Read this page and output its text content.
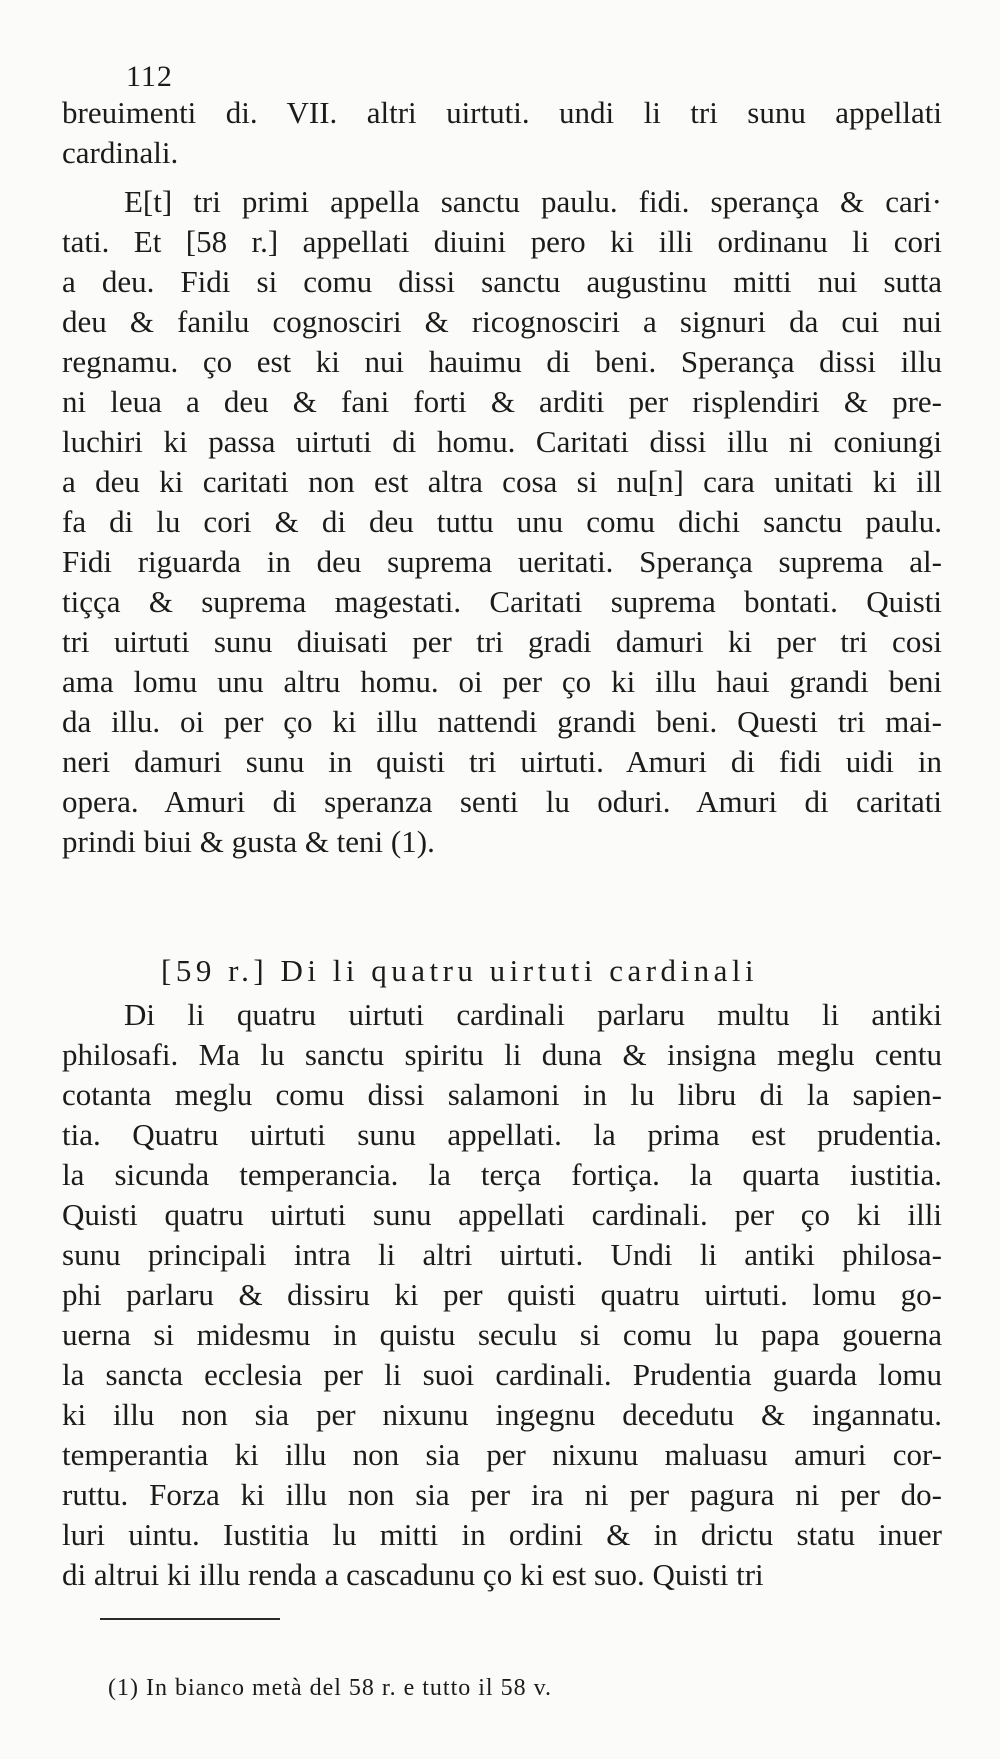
112
breuimenti di. VII. altri uirtuti. undi li tri sunu appellati
cardinali.
E[t] tri primi appella sanctu paulu. fidi. sperança & cari·
tati. Et [58 r.] appellati diuini pero ki illi ordinanu li cori
a deu. Fidi si comu dissi sanctu augustinu mitti nui sutta
deu & fanilu cognosciri & ricognosciri a signuri da cui nui
regnamu. ço est ki nui hauimu di beni. Sperança dissi illu
ni leua a deu & fani forti & arditi per risplendiri & pre-
luchiri ki passa uirtuti di homu. Caritati dissi illu ni coniungi
a deu ki caritati non est altra cosa si nu[n] cara unitati ki ill
fa di lu cori & di deu tuttu unu comu dichi sanctu paulu.
Fidi riguarda in deu suprema ueritati. Sperança suprema al-
tiçça & suprema magestati. Caritati suprema bontati. Quisti
tri uirtuti sunu diuisati per tri gradi damuri ki per tri cosi
ama lomu unu altru homu. oi per ço ki illu haui grandi beni
da illu. oi per ço ki illu nattendi grandi beni. Questi tri mai-
neri damuri sunu in quisti tri uirtuti. Amuri di fidi uidi in
opera. Amuri di speranza senti lu oduri. Amuri di caritati
prindi biui & gusta & teni (1).
[59 r.] Di li quatru uirtuti cardinali
Di li quatru uirtuti cardinali parlaru multu li antiki
philosafi. Ma lu sanctu spiritu li duna & insigna meglu centu
cotanta meglu comu dissi salamoni in lu libru di la sapien-
tia. Quatru uirtuti sunu appellati. la prima est prudentia.
la sicunda temperancia. la terça fortiça. la quarta iustitia.
Quisti quatru uirtuti sunu appellati cardinali. per ço ki illi
sunu principali intra li altri uirtuti. Undi li antiki philosa-
phi parlaru & dissiru ki per quisti quatru uirtuti. lomu go-
uerna si midesmu in quistu seculu si comu lu papa gouerna
la sancta ecclesia per li suoi cardinali. Prudentia guarda lomu
ki illu non sia per nixunu ingegnu decedutu & ingannatu.
temperantia ki illu non sia per nixunu maluasu amuri cor-
ruttu. Forza ki illu non sia per ira ni per pagura ni per do-
luri uintu. Iustitia lu mitti in ordini & in drictu statu inuer
di altrui ki illu renda a cascadunu ço ki est suo. Quisti tri
(1) In bianco metà del 58 r. e tutto il 58 v.
